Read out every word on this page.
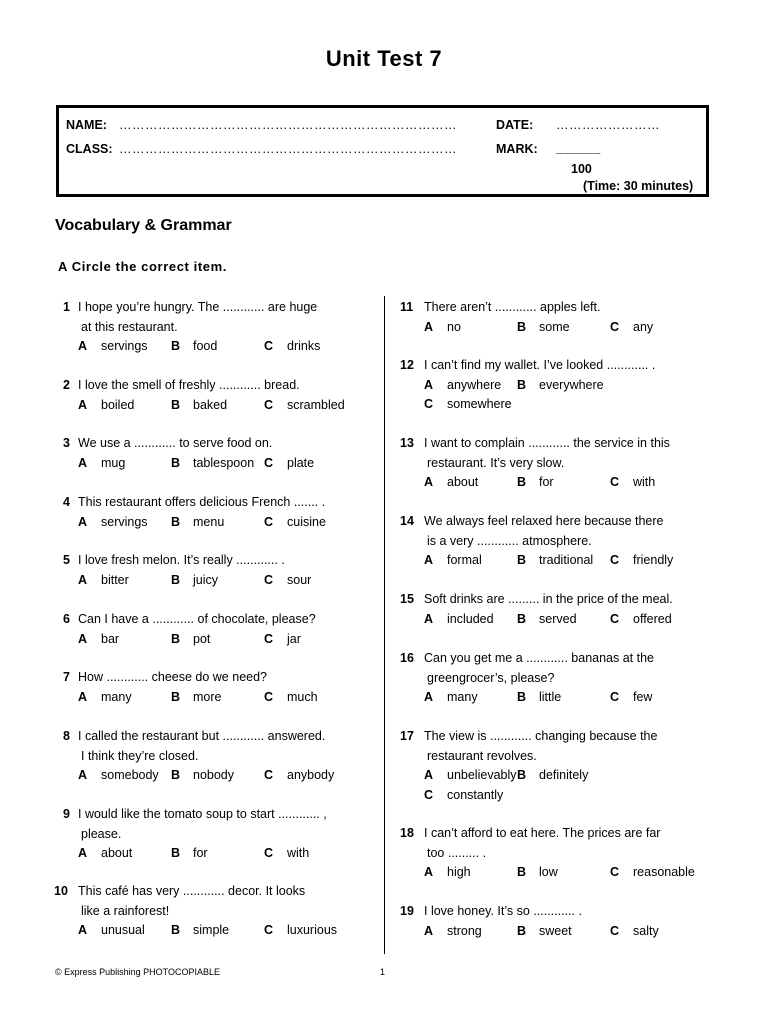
Unit Test 7
NAME: ……………………………………………………………………	DATE: ……………………
CLASS: ……………………………………………………………………	MARK: ______
100
(Time: 30 minutes)
Vocabulary & Grammar
A Circle the correct item.
1 I hope you’re hungry. The ............ are huge
at this restaurant.
A servings B food	C drinks
2 I love the smell of freshly ............ bread.
A boiled	B baked	C scrambled
3 We use a ............ to serve food on.
A mug	B tablespoon C plate
4 This restaurant offers delicious French ....... .
A servings B menu	C cuisine
5 I love fresh melon. It’s really ............ .
A bitter	B juicy	C sour
6 Can I have a ............ of chocolate, please?
A bar	B pot	C jar
7 How ............ cheese do we need?
A many	B more	C much
8 I called the restaurant but ............ answered.
I think they’re closed.
A somebody B nobody C anybody
9 I would like the tomato soup to start ............ ,
please.
A about	B for	C with
10 This café has very ............ decor. It looks
like a rainforest!
A unusual B simple	C luxurious
11 There aren’t ............ apples left.
A no	B some	C any
12 I can’t find my wallet. I’ve looked ............ .
A anywhere B everywhere
C somewhere
13 I want to complain ............ the service in this
restaurant. It’s very slow.
A about	B for	C with
14 We always feel relaxed here because there
is a very ............ atmosphere.
A formal	B traditional C friendly
15 Soft drinks are ......... in the price of the meal.
A included B served	C offered
16 Can you get me a ............ bananas at the
greengrocer’s, please?
A many	B little	C few
17 The view is ............ changing because the
restaurant revolves.
A unbelievably B definitely
C constantly
18 I can’t afford to eat here. The prices are far
too ......... .
A high	B low	C reasonable
19 I love honey. It’s so ............ .
A strong	B sweet	C salty
© Express Publishing PHOTOCOPIABLE	1
